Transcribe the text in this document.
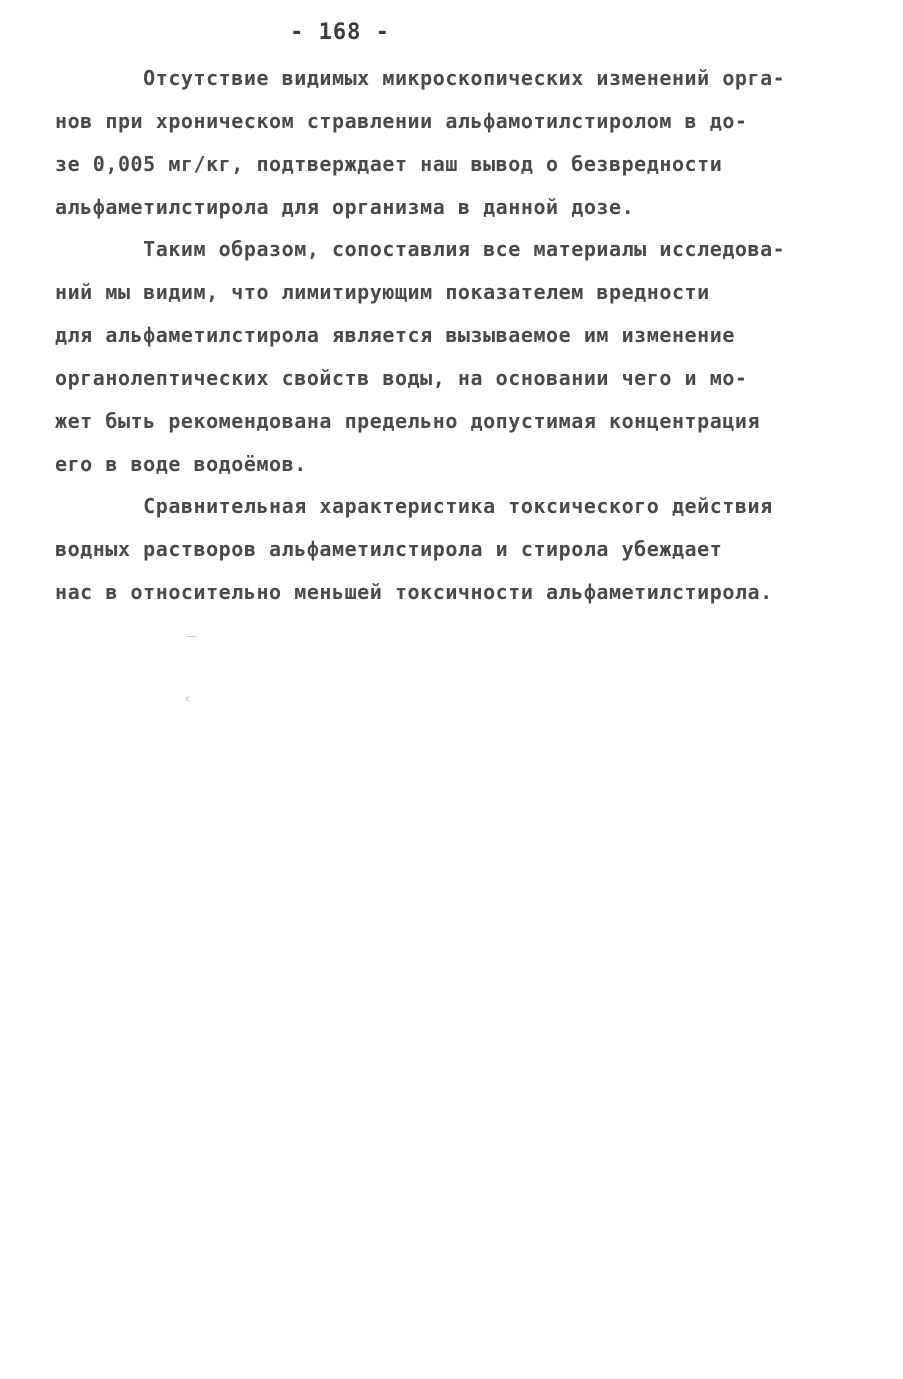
- 168 -
Отсутствие видимых микроскопических изменений орга-
нов при хроническом стравлении альфамотилстиролом в до-
зе 0,005 мг/кг, подтверждает наш вывод о безвредности
альфаметилстирола для организма в данной дозе.
Таким образом, сопоставлия все материалы исследова-
ний мы видим, что лимитирующим показателем вредности
для альфаметилстирола является вызываемое им изменение
органолептических свойств воды, на основании чего и мо-
жет быть рекомендована предельно допустимая концентрация
его в воде водоёмов.
Сравнительная характеристика токсического действия
водных растворов альфаметилстирола и стирола убеждает
нас в относительно меньшей токсичности альфаметилстирола.
‒
ᵋ
